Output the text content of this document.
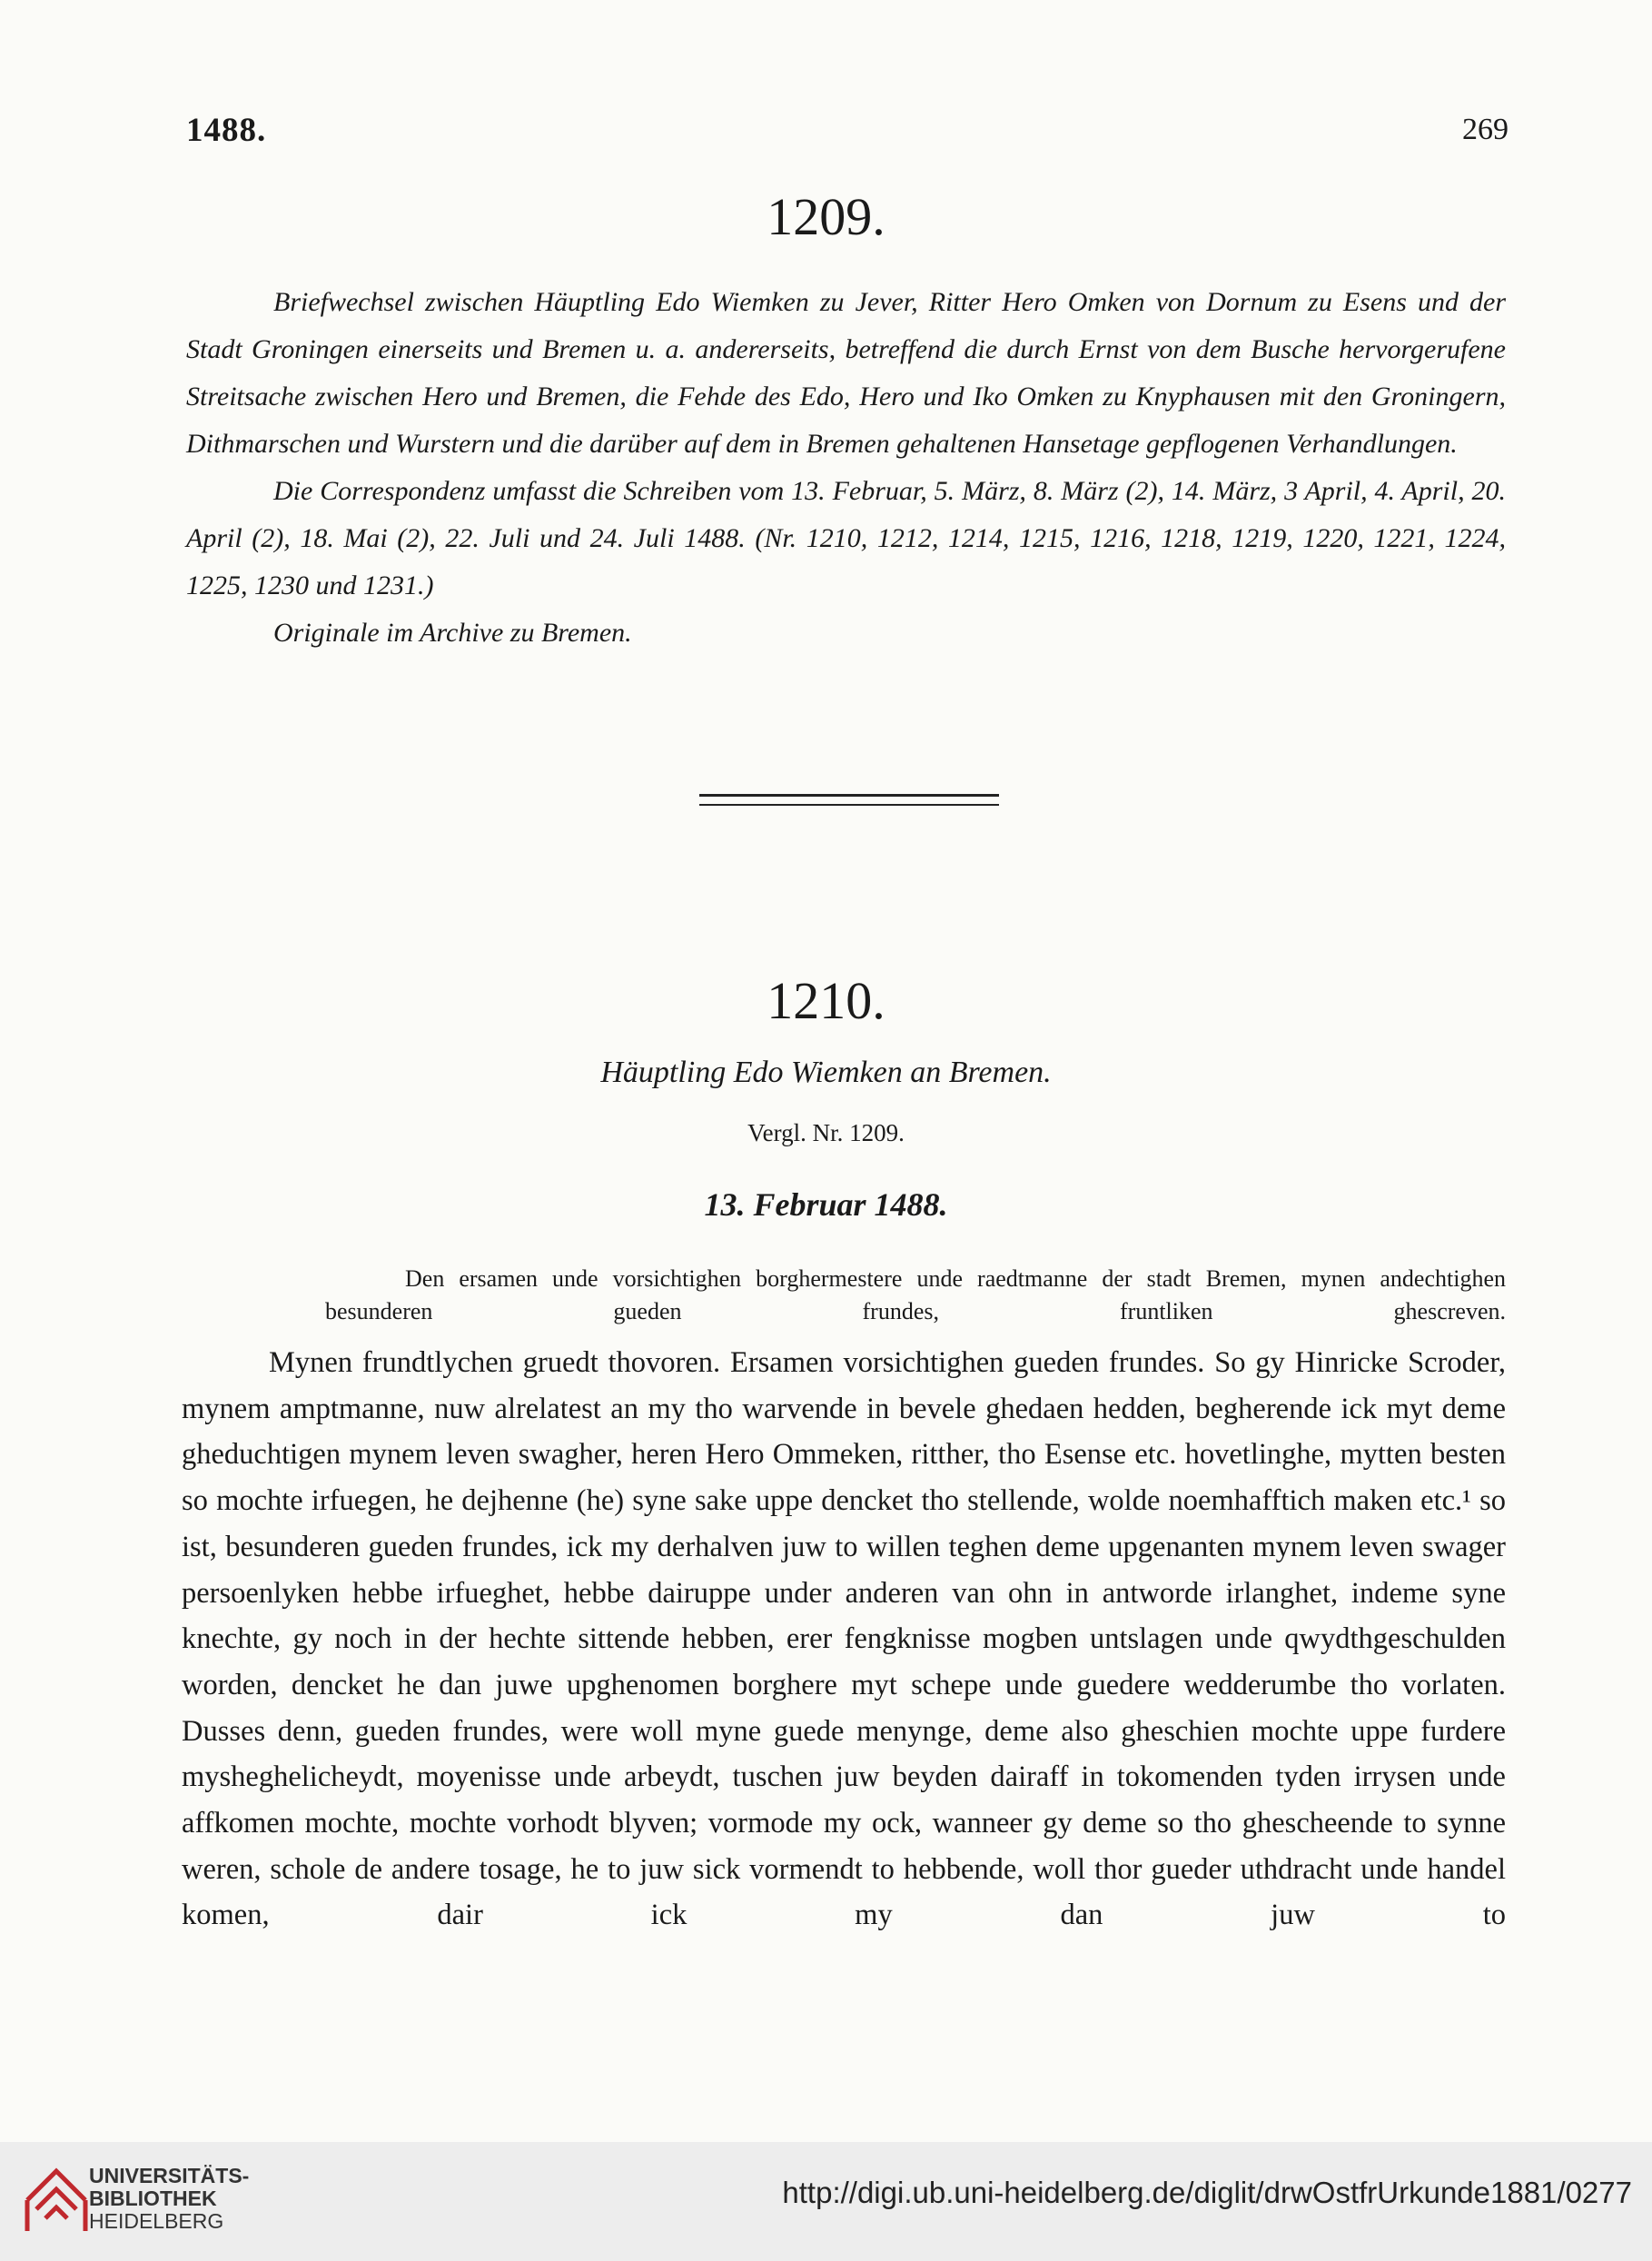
1488.	269
1209.

Briefwechsel zwischen Häuptling Edo Wiemken zu Jever, Ritter Hero Omken von Dornum zu Esens und der Stadt Groningen einerseits und Bremen u. a. andererseits, betreffend die durch Ernst von dem Busche hervorgerufene Streitsache zwischen Hero und Bremen, die Fehde des Edo, Hero und Iko Omken zu Knyphausen mit den Groningern, Dithmarschen und Wurstern und die darüber auf dem in Bremen gehaltenen Hansetage gepflogenen Verhandlungen.

Die Correspondenz umfasst die Schreiben vom 13. Februar, 5. März, 8. März (2), 14. März, 3 April, 4. April, 20. April (2), 18. Mai (2), 22. Juli und 24. Juli 1488. (Nr. 1210, 1212, 1214, 1215, 1216, 1218, 1219, 1220, 1221, 1224, 1225, 1230 und 1231.)

Originale im Archive zu Bremen.

1210.
Häuptling Edo Wiemken an Bremen.
Vergl. Nr. 1209.
13. Februar 1488.

Den ersamen unde vorsichtighen borghermestere unde raedtmanne der stadt Bremen, mynen andechtighen besunderen gueden frundes, fruntliken ghescreven.

Mynen frundtlychen gruedt thovoren. Ersamen vorsichtighen gueden frundes. So gy Hinricke Scroder, mynem amptmanne, nuw alrelatest an my tho warvende in bevele ghedaen hedden, begherende ick myt deme gheduchtigen mynem leven swagher, heren Hero Ommeken, ritther, tho Esense etc. hovetlinghe, mytten besten so mochte irfuegen, he dejhenne (he) syne sake uppe dencket tho stellende, wolde noemhafftich maken etc.¹ so ist, besunderen gueden frundes, ick my derhalven juw to willen teghen deme upgenanten mynem leven swager persoenlyken hebbe irfueghet, hebbe dairuppe under anderen van ohn in antworde irlanghet, indeme syne knechte, gy noch in der hechte sittende hebben, erer fengknisse mogben untslagen unde qwydthgeschulden worden, dencket he dan juwe upghenomen borghere myt schepe unde guedere wedderumbe tho vorlaten. Dusses denn, gueden frundes, were woll myne guede menynge, deme also gheschien mochte uppe furdere mysheghelicheydt, moyenisse unde arbeydt, tuschen juw beyden dairaff in tokomenden tyden irrysen unde affkomen mochte, mochte vorhodt blyven; vormode my ock, wanneer gy deme so tho ghescheende to synne weren, schole de andere tosage, he to juw sick vormendt to hebbende, woll thor gueder uthdracht unde handel komen, dair ick my dan juw to

UNIVERSITÄTS-
BIBLIOTHEK
HEIDELBERG
http://digi.ub.uni-heidelberg.de/diglit/drwOstfrUrkunde1881/0277
